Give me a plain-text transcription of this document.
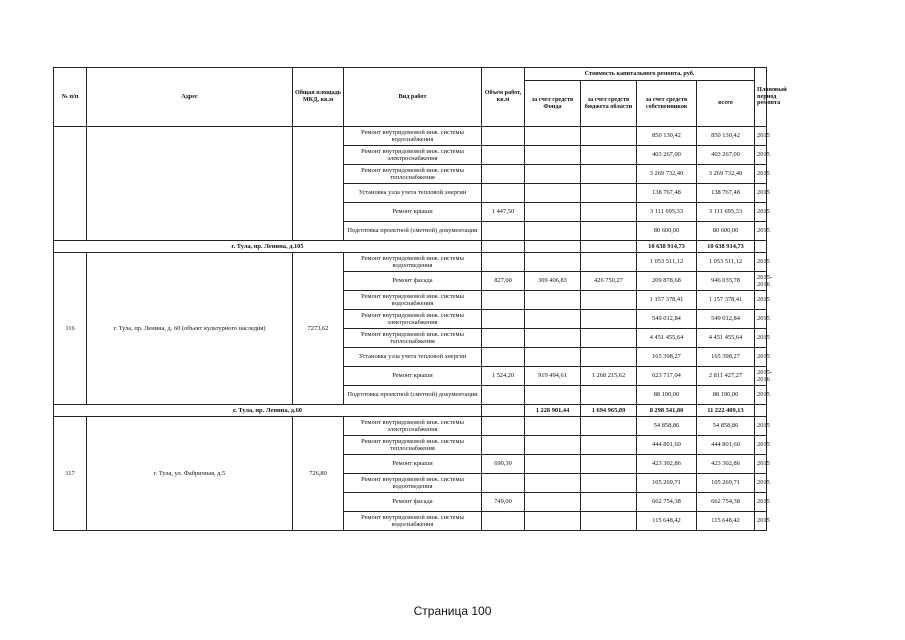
№ п/п	Адрес	Общая площадь МКД, кв.м	Вид работ	Объем работ, кв.м	Стоимость капитального ремонта, руб.				Плановый период ремонта
					за счет средств Фонда	за счет средств бюджета области	за счет средств собственников	всего	
			Ремонт внутридомовой инж. системы водоснабжения				850 130,42	850 130,42	2015
			Ремонт внутридомовой инж. системы электроснабжения				403 267,00	403 267,00	2015
			Ремонт внутридомовой инж. системы теплоснабжения				3 269 732,40	3 269 732,40	2015
			Установка узла учета тепловой энергии				138 767,48	138 767,48	2015
			Ремонт крыши	1 447,50			3 111 695,33	3 111 695,33	2015
			Подготовка проектной (сметной) документации				80 600,00	80 600,00	2015
г. Тула, пр. Ленина, д.105							10 638 914,73	10 638 914,73	
116	г. Тула, пр. Ленина, д. 60 (объект культурного наследия)	7273,62	Ремонт внутридомовой инж. системы водоотведения				1 053 511,12	1 053 511,12	2015
			Ремонт фасада	827,00	309 406,83	426 750,27	209 878,68	946 035,78	2015-2016
			Ремонт внутридомовой инж. системы водоснабжения				1 157 378,41	1 157 378,41	2015
			Ремонт внутридомовой инж. системы электроснабжения				549 012,84	549 012,84	2015
			Ремонт внутридомовой инж. системы теплоснабжения				4 451 455,64	4 451 455,64	2015
			Установка узла учета тепловой энергии				165 398,27	165 398,27	2015
			Ремонт крыши	1 524,20	919 494,61	1 268 215,62	623 717,04	2 811 427,27	2015-2016
			Подготовка проектной (сметной) документации				88 190,00	88 190,00	2015
г. Тула, пр. Ленина, д.60					1 228 901,44	1 694 965,89	8 298 541,80	11 222 409,13	
117	г. Тула, ул. Фабричная, д.5	726,80	Ремонт внутридомовой инж. системы электроснабжения				54 858,86	54 858,86	2015
			Ремонт внутридомовой инж. системы теплоснабжения				444 801,60	444 801,60	2015
			Ремонт крыши	690,30			423 302,86	423 302,86	2015
			Ремонт внутридомовой инж. системы водоотведения				105 269,71	105 269,71	2015
			Ремонт фасада	749,00			662 754,38	662 754,38	2015
			Ремонт внутридомовой инж. системы водоснабжения				115 648,42	115 648,42	2015
Страница 100
